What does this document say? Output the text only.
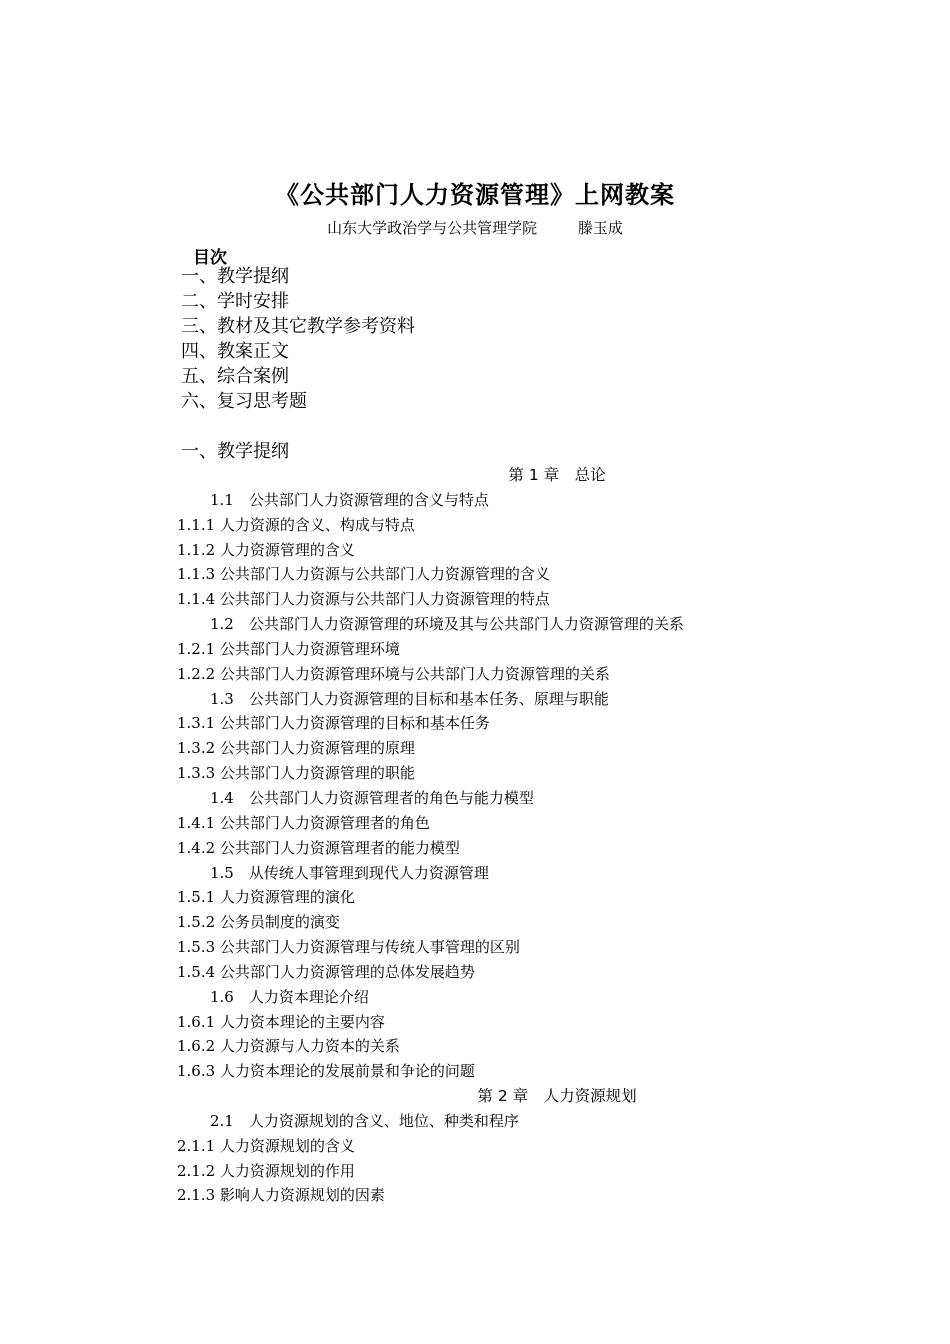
《公共部门人力资源管理》上网教案
山东大学政治学与公共管理学院	滕玉成
目次
一、教学提纲
二、学时安排
三、教材及其它教学参考资料
四、教案正文
五、综合案例
六、复习思考题
一、教学提纲
第 1 章　总论
1.1　公共部门人力资源管理的含义与特点
1.1.1 人力资源的含义、构成与特点
1.1.2 人力资源管理的含义
1.1.3 公共部门人力资源与公共部门人力资源管理的含义
1.1.4 公共部门人力资源与公共部门人力资源管理的特点
1.2　公共部门人力资源管理的环境及其与公共部门人力资源管理的关系
1.2.1 公共部门人力资源管理环境
1.2.2 公共部门人力资源管理环境与公共部门人力资源管理的关系
1.3　公共部门人力资源管理的目标和基本任务、原理与职能
1.3.1 公共部门人力资源管理的目标和基本任务
1.3.2 公共部门人力资源管理的原理
1.3.3 公共部门人力资源管理的职能
1.4　公共部门人力资源管理者的角色与能力模型
1.4.1 公共部门人力资源管理者的角色
1.4.2 公共部门人力资源管理者的能力模型
1.5　从传统人事管理到现代人力资源管理
1.5.1 人力资源管理的演化
1.5.2 公务员制度的演变
1.5.3 公共部门人力资源管理与传统人事管理的区别
1.5.4 公共部门人力资源管理的总体发展趋势
1.6　人力资本理论介绍
1.6.1 人力资本理论的主要内容
1.6.2 人力资源与人力资本的关系
1.6.3 人力资本理论的发展前景和争论的问题
第 2 章　人力资源规划
2.1　人力资源规划的含义、地位、种类和程序
2.1.1 人力资源规划的含义
2.1.2 人力资源规划的作用
2.1.3 影响人力资源规划的因素
